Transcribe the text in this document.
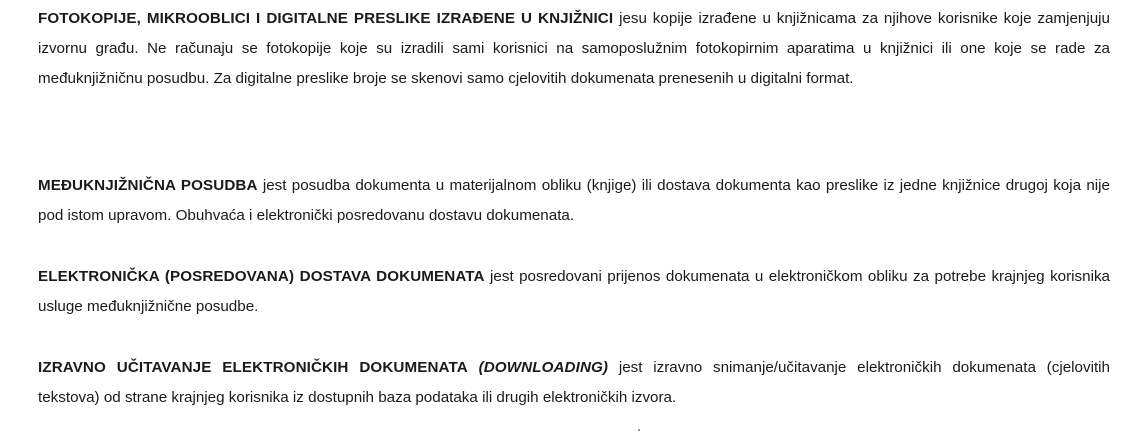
FOTOKOPIJE, MIKROOBLICI I DIGITALNE PRESLIKE IZRAĐENE U KNJIŽNICI jesu kopije izrađene u knjižnicama za njihove korisnike koje zamjenjuju izvornu građu. Ne računaju se fotokopije koje su izradili sami korisnici na samoposlužnim fotokopirnim aparatima u knjižnici ili one koje se rade za međuknjižničnu posudbu. Za digitalne preslike broje se skenovi samo cjelovitih dokumenata prenesenih u digitalni format.

MEĐUKNJIŽNIČNA POSUDBA jest posudba dokumenta u materijalnom obliku (knjige) ili dostava dokumenta kao preslike iz jedne knjižnice drugoj koja nije pod istom upravom. Obuhvaća i elektronički posredovanu dostavu dokumenata.

ELEKTRONIČKA (POSREDOVANA) DOSTAVA DOKUMENATA jest posredovani prijenos dokumenata u elektroničkom obliku za potrebe krajnjeg korisnika usluge međuknjižnične posudbe.

IZRAVNO UČITAVANJE ELEKTRONIČKIH DOKUMENATA (DOWNLOADING) jest izravno snimanje/učitavanje elektroničkih dokumenata (cjelovitih tekstova) od strane krajnjeg korisnika iz dostupnih baza podataka ili drugih elektroničkih izvora.
